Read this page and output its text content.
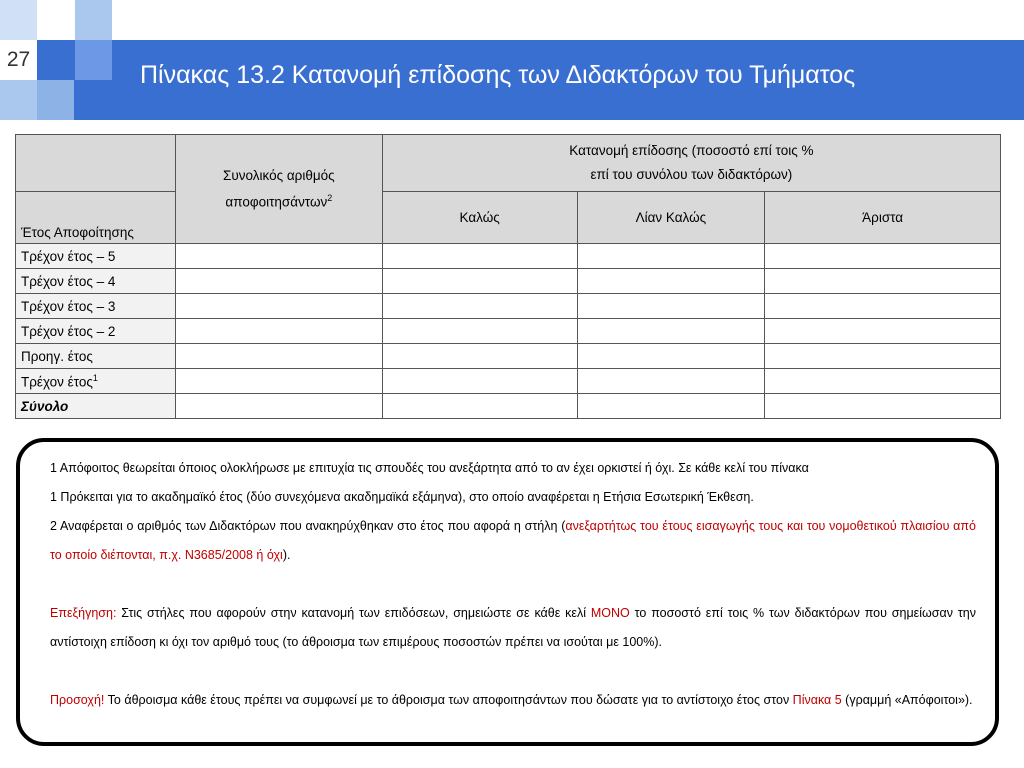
27
Πίνακας 13.2 Κατανομή επίδοσης των Διδακτόρων του Τμήματος

	Συνολικός αριθμός
αποφοιτησάντων$^2$	Κατανομή επίδοσης (ποσοστό επί τοις %
επί του συνόλου των διδακτόρων)		

Έτος Αποφοίτησης		Καλώς	Λίαν Καλώς	Άριστα
Τρέχον έτος – 5				
Τρέχον έτος – 4				
Τρέχον έτος – 3				
Τρέχον έτος – 2				
Προηγ. έτος				
Τρέχον έτος$^1$				
Σύνολο				

1 Απόφοιτος θεωρείται όποιος ολοκλήρωσε με επιτυχία τις σπουδές του ανεξάρτητα από το αν έχει ορκιστεί ή όχι. Σε κάθε κελί του πίνακα

1 Πρόκειται για το ακαδημαϊκό έτος (δύο συνεχόμενα ακαδημαϊκά εξάμηνα), στο οποίο αναφέρεται η Ετήσια Εσωτερική Έκθεση.

2 Αναφέρεται ο αριθμός των Διδακτόρων που ανακηρύχθηκαν στο έτος που αφορά η στήλη (ανεξαρτήτως του έτους εισαγωγής τους και του νομοθετικού πλαισίου από το οποίο διέπονται, π.χ. Ν3685/2008 ή όχι).

Επεξήγηση: Στις στήλες που αφορούν στην κατανομή των επιδόσεων, σημειώστε σε κάθε κελί ΜΟΝΟ το ποσοστό επί τοις % των διδακτόρων που σημείωσαν την αντίστοιχη επίδοση κι όχι τον αριθμό τους (το άθροισμα των επιμέρους ποσοστών πρέπει να ισούται με 100%).

Προσοχή! Το άθροισμα κάθε έτους πρέπει να συμφωνεί με το άθροισμα των αποφοιτησάντων που δώσατε για το αντίστοιχο έτος στον Πίνακα 5 (γραμμή «Απόφοιτοι»).
